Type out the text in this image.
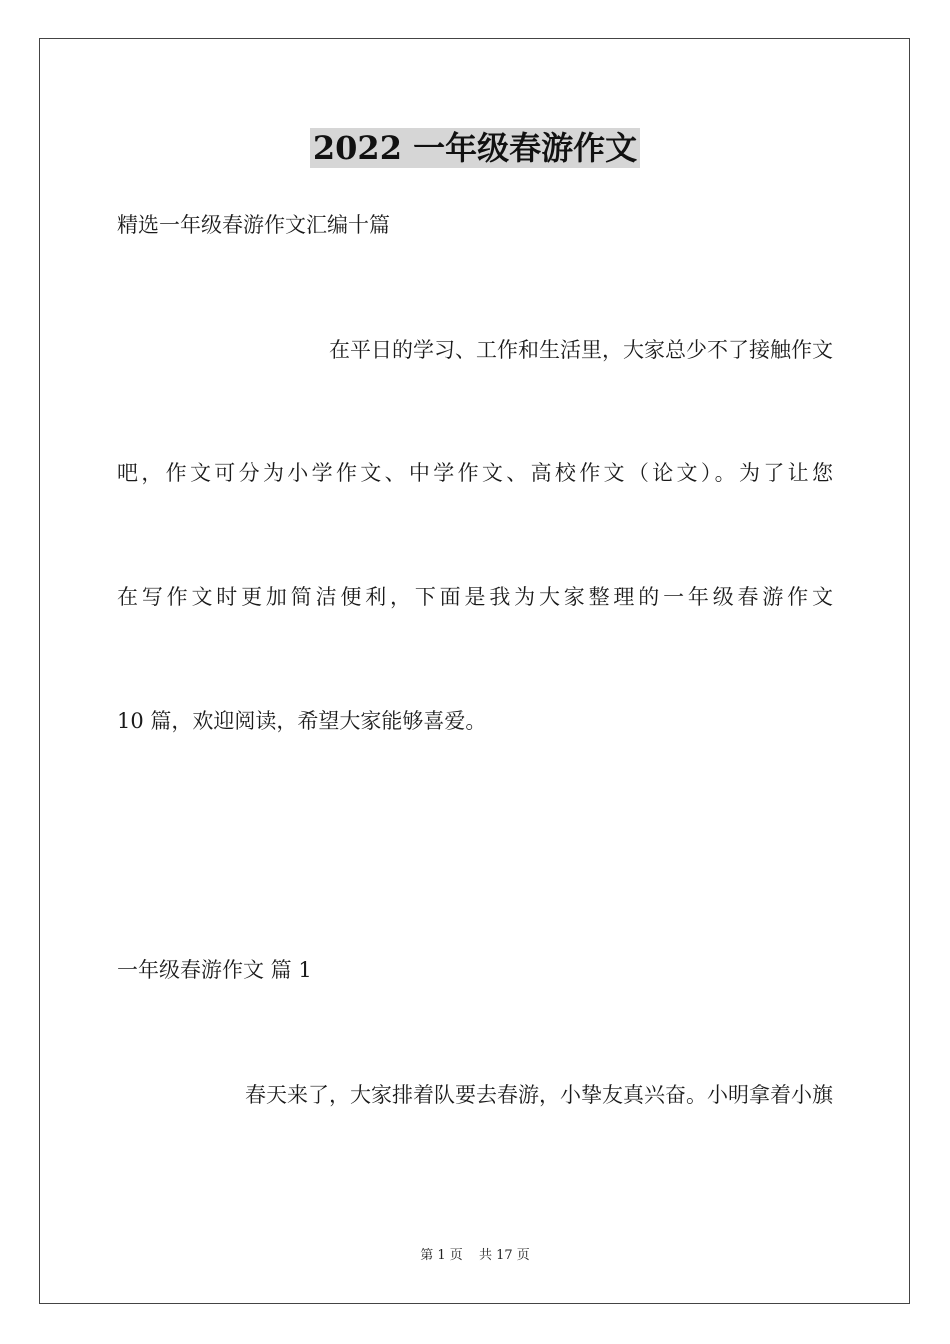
2022 一年级春游作文
精选一年级春游作文汇编十篇
在平日的学习、工作和生活里，大家总少不了接触作文
吧，作文可分为小学作文、中学作文、高校作文（论文）。为了让您
在写作文时更加简洁便利，下面是我为大家整理的一年级春游作文
10 篇，欢迎阅读，希望大家能够喜爱。
一年级春游作文 篇 1
春天来了，大家排着队要去春游，小挚友真兴奋。小明拿着小旗
第 1 页 共 17 页
